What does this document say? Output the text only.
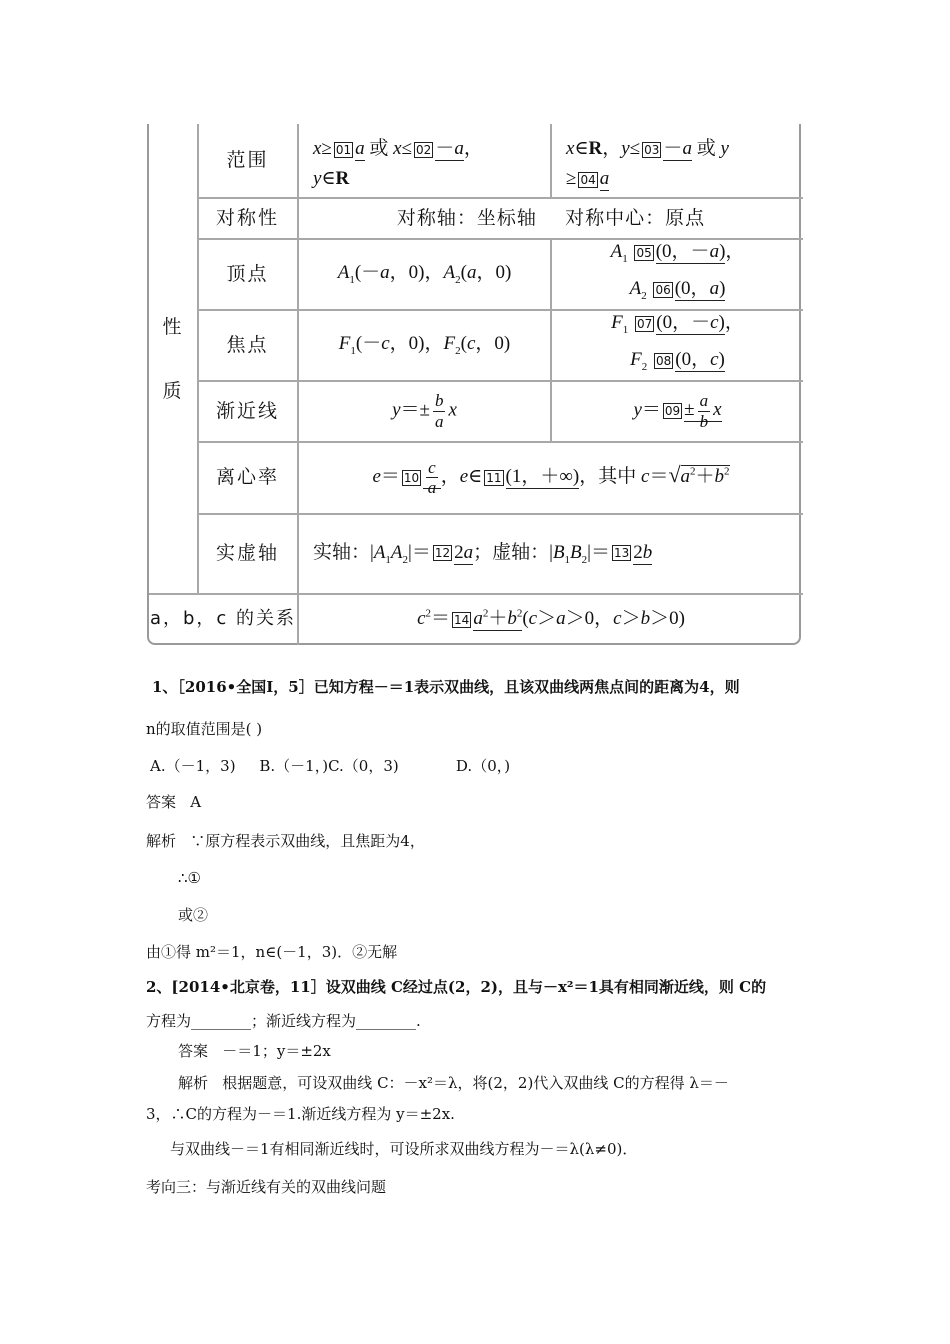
性
质
范围
对称性
顶点
焦点
渐近线
离心率
实虚轴
a，b，c 的关系
x≥ 01 a 或 x≤ 02 －a，
y∈R
x∈R，y≤ 03 －a 或 y
≥ 04 a
对称轴：坐标轴    对称中心：原点
$A_1(-a$，0)，$A_2(a$，0)
$A_1$ 05 (0，－a)，
$A_2$ 06 (0，a)
$F_1(-c$，0)，$F_2(c$，0)
$F_1$ 07 (0，－c)，
$F_2$ 08 (0，c)
$y=\pm \frac{b}{a}$ x	$y= 09 \pm \frac{a}{b}$ x
$e= 10 \frac{c}{a}$ ，e∈ 11 (1，＋∞)，其中 $c=√a^2+b^2$
实轴：$|A_1A_2|= 12$ 2a；虚轴：$|B_1B_2|= 13$ 2b
$c^2= 14$ $a^2+b^2(c>a>0$，c＞b＞0)
1、［2016•全国Ⅰ，5］已知方程－＝1表示双曲线，且该双曲线两焦点间的距离为4，则
n的取值范围是( )
A.（－1，3)     B.（－1，)C.（0，3)            D.（0，)
答案   A
解析   ∵原方程表示双曲线，且焦距为4，
∴①
或②
由①得 m²＝1，n∈(－1，3)．②无解
2、[2014•北京卷，11］设双曲线 C经过点(2，2)，且与－x²＝1具有相同渐近线，则 C的
方程为________；渐近线方程为________.
答案   －＝1；y＝±2x
解析   根据题意，可设双曲线 C：－x²＝λ，将(2，2)代入双曲线 C的方程得 λ＝－
3，∴C的方程为－＝1.渐近线方程为 y＝±2x.
与双曲线－＝1有相同渐近线时，可设所求双曲线方程为－＝λ(λ≠0)．
考向三：与渐近线有关的双曲线问题
